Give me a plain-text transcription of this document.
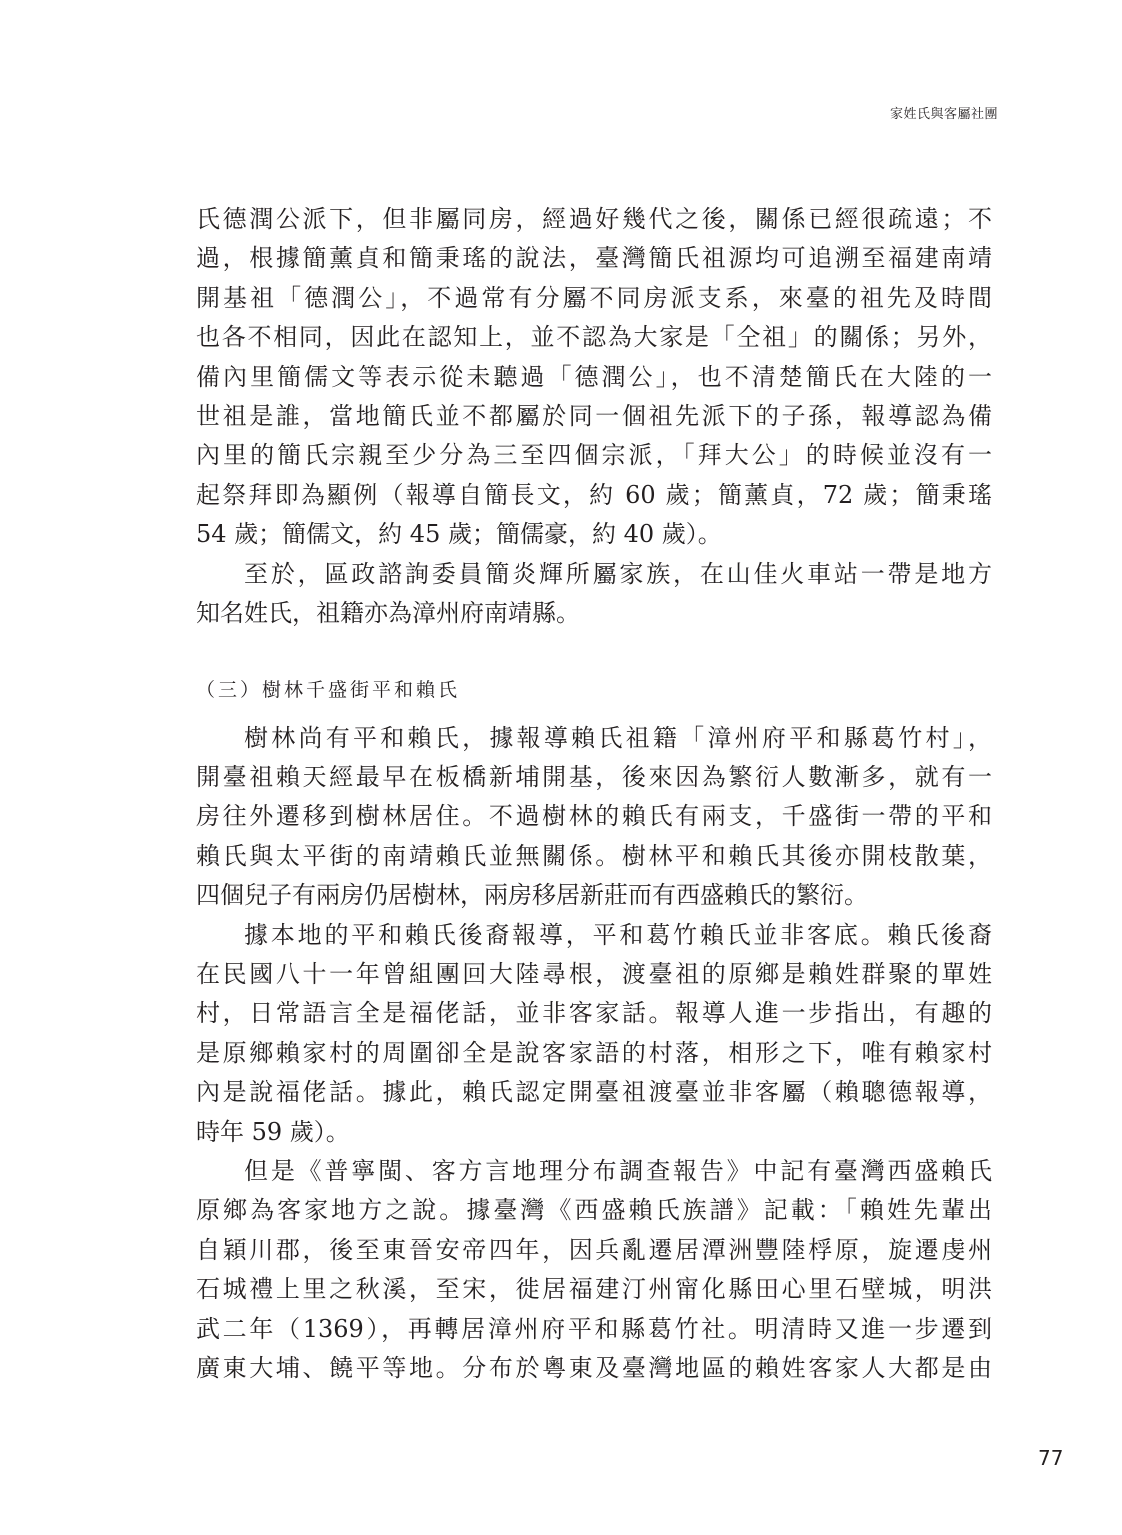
家姓氏與客屬社團
氏德潤公派下，但非屬同房，經過好幾代之後，關係已經很疏遠；不
過，根據簡薰貞和簡秉瑤的說法，臺灣簡氏祖源均可追溯至福建南靖
開基祖「德潤公」，不過常有分屬不同房派支系，來臺的祖先及時間
也各不相同，因此在認知上，並不認為大家是「仝祖」的關係；另外，
備內里簡儒文等表示從未聽過「德潤公」，也不清楚簡氏在大陸的一
世祖是誰，當地簡氏並不都屬於同一個祖先派下的子孫，報導認為備
內里的簡氏宗親至少分為三至四個宗派，「拜大公」的時候並沒有一
起祭拜即為顯例（報導自簡長文，約 60 歲；簡薰貞，72 歲；簡秉瑤
54 歲；簡儒文，約 45 歲；簡儒豪，約 40 歲）。
至於，區政諮詢委員簡炎輝所屬家族，在山佳火車站一帶是地方
知名姓氏，祖籍亦為漳州府南靖縣。
（三）樹林千盛街平和賴氏
樹林尚有平和賴氏，據報導賴氏祖籍「漳州府平和縣葛竹村」，
開臺祖賴天經最早在板橋新埔開基，後來因為繁衍人數漸多，就有一
房往外遷移到樹林居住。不過樹林的賴氏有兩支，千盛街一帶的平和
賴氏與太平街的南靖賴氏並無關係。樹林平和賴氏其後亦開枝散葉，
四個兒子有兩房仍居樹林，兩房移居新莊而有西盛賴氏的繁衍。
據本地的平和賴氏後裔報導，平和葛竹賴氏並非客底。賴氏後裔
在民國八十一年曾組團回大陸尋根，渡臺祖的原鄉是賴姓群聚的單姓
村，日常語言全是福佬話，並非客家話。報導人進一步指出，有趣的
是原鄉賴家村的周圍卻全是說客家語的村落，相形之下，唯有賴家村
內是說福佬話。據此，賴氏認定開臺祖渡臺並非客屬（賴聰德報導，
時年 59 歲）。
但是《普寧閩、客方言地理分布調查報告》中記有臺灣西盛賴氏
原鄉為客家地方之說。據臺灣《西盛賴氏族譜》記載：「賴姓先輩出
自穎川郡，後至東晉安帝四年，因兵亂遷居潭洲豐陸桴原，旋遷虔州
石城禮上里之秋溪，至宋，徙居福建汀州甯化縣田心里石壁城，明洪
武二年（1369），再轉居漳州府平和縣葛竹社。明清時又進一步遷到
廣東大埔、饒平等地。分布於粵東及臺灣地區的賴姓客家人大都是由
77
